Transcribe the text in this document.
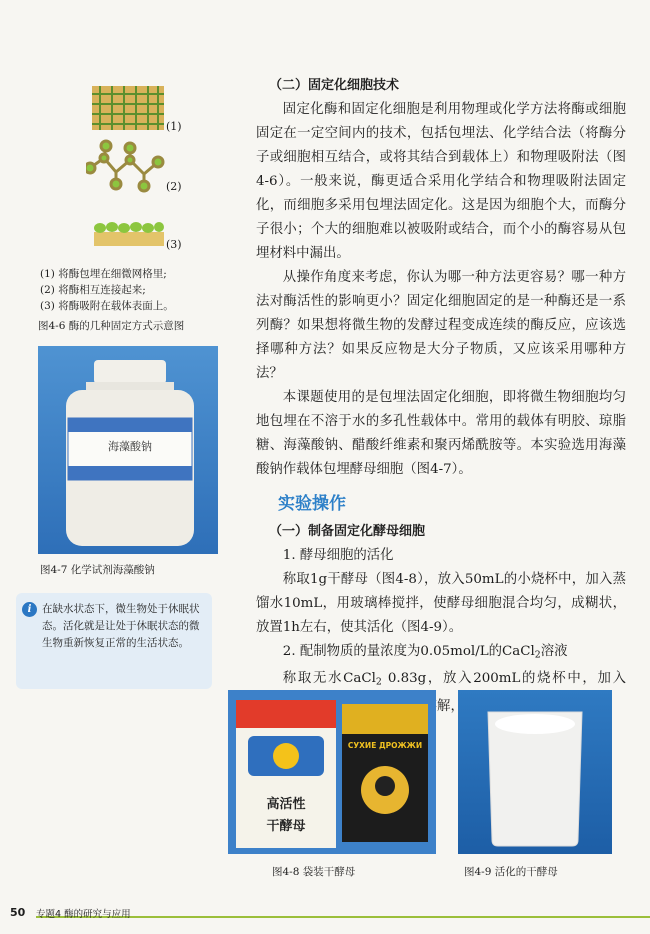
(1)
(2)
(3)
(1) 将酶包埋在细微网格里;
(2) 将酶相互连接起来;
(3) 将酶吸附在载体表面上。
图4-6 酶的几种固定方式示意图
海藻酸钠
图4-7 化学试剂海藻酸钠
i	在缺水状态下，微生物处于休眠状态。活化就是让处于休眠状态的微生物重新恢复正常的生活状态。
（二）固定化细胞技术

固定化酶和固定化细胞是利用物理或化学方法将酶或细胞固定在一定空间内的技术，包括包埋法、化学结合法（将酶分子或细胞相互结合，或将其结合到载体上）和物理吸附法（图4-6）。一般来说，酶更适合采用化学结合和物理吸附法固定化，而细胞多采用包埋法固定化。这是因为细胞个大，而酶分子很小；个大的细胞难以被吸附或结合，而个小的酶容易从包埋材料中漏出。

从操作角度来考虑，你认为哪一种方法更容易？哪一种方法对酶活性的影响更小？固定化细胞固定的是一种酶还是一系列酶？如果想将微生物的发酵过程变成连续的酶反应，应该选择哪种方法？如果反应物是大分子物质，又应该采用哪种方法？

本课题使用的是包埋法固定化细胞，即将微生物细胞均匀地包埋在不溶于水的多孔性载体中。常用的载体有明胶、琼脂糖、海藻酸钠、醋酸纤维素和聚丙烯酰胺等。本实验选用海藻酸钠作载体包埋酵母细胞（图4-7）。

实验操作
（一）制备固定化酵母细胞

1. 酵母细胞的活化

称取1g干酵母（图4-8），放入50mL的小烧杯中，加入蒸馏水10mL，用玻璃棒搅拌，使酵母细胞混合均匀，成糊状，放置1h左右，使其活化（图4-9）。

2. 配制物质的量浓度为0.05mol/L的CaCl$_2$溶液

称取无水CaCl$_2$ 0.83g，放入200mL的烧杯中，加入 使其充分溶解，待用。

高活性
干酵母
СУХИЕ ДРОЖЖИ
图4-8 袋装干酵母	图4-9 活化的干酵母
50 专题4 酶的研究与应用
